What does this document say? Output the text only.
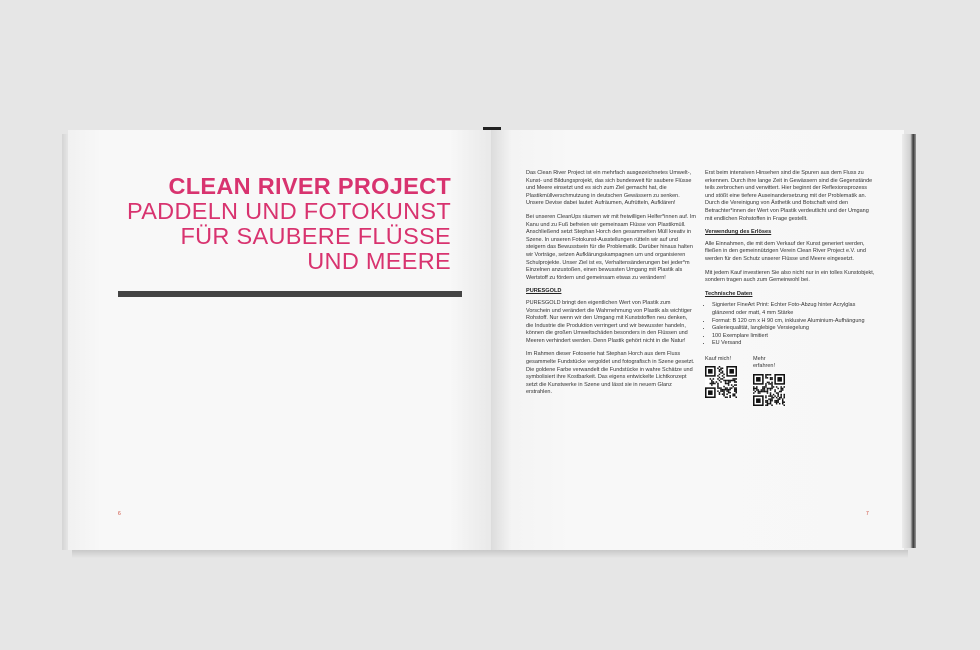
CLEAN RIVER PROJECT
PADDELN UND FOTOKUNST
FÜR SAUBERE FLÜSSE
UND MEERE
6

Das Clean River Project ist ein mehrfach ausgezeichnetes Umwelt-, Kunst- und Bildungsprojekt, das sich bundesweit für saubere Flüsse und Meere einsetzt und es sich zum Ziel gemacht hat, die Plastikmüllverschmutzung in deutschen Gewässern zu senken. Unsere Devise dabei lautet: Aufräumen, Aufrütteln, Aufklären!

Bei unseren CleanUps räumen wir mit freiwilligen Helfer*innen auf. Im Kanu und zu Fuß befreien wir gemeinsam Flüsse von Plastikmüll. Anschließend setzt Stephan Horch den gesammelten Müll kreativ in Szene. In unseren Fotokunst-Ausstellungen rütteln wir auf und steigern das Bewusstsein für die Problematik. Darüber hinaus halten wir Vorträge, setzen Aufklärungskampagnen um und organisieren Schulprojekte. Unser Ziel ist es, Verhaltensänderungen bei jeder*m Einzelnen anzustoßen, einen bewussten Umgang mit Plastik als Wertstoff zu fördern und gemeinsam etwas zu verändern!

PURESGOLD

PURESGOLD bringt den eigentlichen Wert von Plastik zum Vorschein und verändert die Wahrnehmung von Plastik als wichtiger Rohstoff. Nur wenn wir den Umgang mit Kunststoffen neu denken, die Industrie die Produktion verringert und wir bewusster handeln, können die großen Umweltschäden besonders in den Flüssen und Meeren verhindert werden. Denn Plastik gehört nicht in die Natur!

Im Rahmen dieser Fotoserie hat Stephan Horch aus dem Fluss gesammelte Fundstücke vergoldet und fotografisch in Szene gesetzt. Die goldene Farbe verwandelt die Fundstücke in wahre Schätze und symbolisiert ihre Kostbarkeit. Das eigens entwickelte Lichtkonzept setzt die Kunstwerke in Szene und lässt sie in neuem Glanz erstrahlen.

Erst beim intensiven Hinsehen sind die Spuren aus dem Fluss zu erkennen. Durch ihre lange Zeit in Gewässern sind die Gegenstände teils zerbrochen und verwittert. Hier beginnt der Reflexionsprozess und stößt eine tiefere Auseinandersetzung mit der Problematik an. Durch die Vereinigung von Ästhetik und Botschaft wird den Betrachter*innen der Wert von Plastik verdeutlicht und der Umgang mit endlichen Rohstoffen in Frage gestellt.

Verwendung des Erlöses

Alle Einnahmen, die mit dem Verkauf der Kunst generiert werden, fließen in den gemeinnützigen Verein Clean River Project e.V. und werden für den Schutz unserer Flüsse und Meere eingesetzt.

Mit jedem Kauf investieren Sie also nicht nur in ein tolles Kunstobjekt, sondern tragen auch zum Gemeinwohl bei.

Technische Daten
• Signierter FineArt Print: Echter Foto-Abzug hinter Acrylglas glänzend oder matt, 4 mm Stärke
• Format: B 120 cm x H 90 cm, inklusive Aluminium-Aufhängung
• Galeriequalität, langlebige Versiegelung
• 100 Exemplare limitiert
• EU Versand
Kauf mich!	Mehr erfahren!
7
